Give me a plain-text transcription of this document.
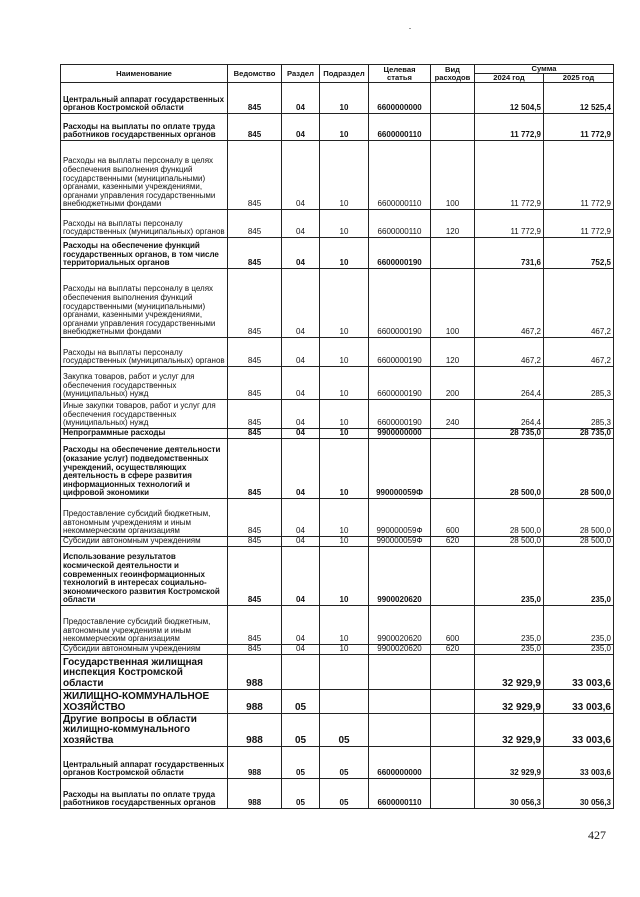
Наименование	Ведомство	Раздел	Подраздел	Целевая статья	Вид расходов	Сумма	
						2024 год	2025 год
Центральный аппарат государственных органов Костромской области	845	04	10	6600000000		12 504,5	12 525,4
Расходы на выплаты по оплате труда работников государственных органов	845	04	10	6600000110		11 772,9	11 772,9
Расходы на выплаты персоналу в целях обеспечения выполнения функций государственными (муниципальными) органами, казенными учреждениями, органами управления государственными внебюджетными фондами	845	04	10	6600000110	100	11 772,9	11 772,9
Расходы на выплаты персоналу государственных (муниципальных) органов	845	04	10	6600000110	120	11 772,9	11 772,9
Расходы на обеспечение функций государственных органов, в том числе территориальных органов	845	04	10	6600000190		731,6	752,5
Расходы на выплаты персоналу в целях обеспечения выполнения функций государственными (муниципальными) органами, казенными учреждениями, органами управления государственными внебюджетными фондами	845	04	10	6600000190	100	467,2	467,2
Расходы на выплаты персоналу государственных (муниципальных) органов	845	04	10	6600000190	120	467,2	467,2
Закупка товаров, работ и услуг для обеспечения государственных (муниципальных) нужд	845	04	10	6600000190	200	264,4	285,3
Иные закупки товаров, работ и услуг для обеспечения государственных (муниципальных) нужд	845	04	10	6600000190	240	264,4	285,3
Непрограммные расходы	845	04	10	9900000000		28 735,0	28 735,0
Расходы на обеспечение деятельности (оказание услуг) подведомственных учреждений, осуществляющих деятельность в сфере развития информационных технологий и цифровой экономики	845	04	10	990000059Ф		28 500,0	28 500,0
Предоставление субсидий бюджетным, автономным учреждениям и иным некоммерческим организациям	845	04	10	990000059Ф	600	28 500,0	28 500,0
Субсидии автономным учреждениям	845	04	10	990000059Ф	620	28 500,0	28 500,0
Использование результатов космической деятельности и современных геоинформационных технологий в интересах социально-экономического развития Костромской области	845	04	10	9900020620		235,0	235,0
Предоставление субсидий бюджетным, автономным учреждениям и иным некоммерческим организациям	845	04	10	9900020620	600	235,0	235,0
Субсидии автономным учреждениям	845	04	10	9900020620	620	235,0	235,0
Государственная жилищная инспекция Костромской области	988					32 929,9	33 003,6
ЖИЛИЩНО-КОММУНАЛЬНОЕ ХОЗЯЙСТВО	988	05				32 929,9	33 003,6
Другие вопросы в области жилищно-коммунального хозяйства	988	05	05			32 929,9	33 003,6
Центральный аппарат государственных органов Костромской области	988	05	05	6600000000		32 929,9	33 003,6
Расходы на выплаты по оплате труда работников государственных органов	988	05	05	6600000110		30 056,3	30 056,3
427
